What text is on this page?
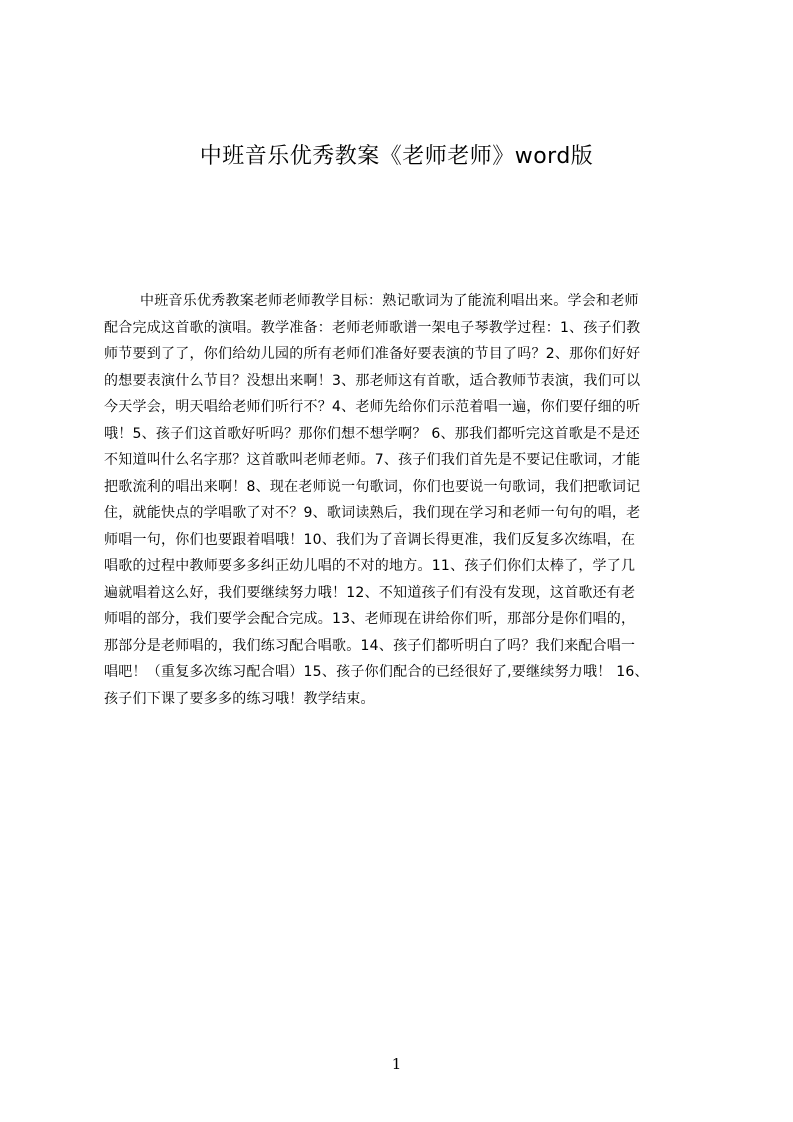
中班音乐优秀教案《老师老师》word版
中班音乐优秀教案老师老师教学目标：熟记歌词为了能流利唱出来。学会和老师
配合完成这首歌的演唱。教学准备：老师老师歌谱一架电子琴教学过程：1、孩子们教
师节要到了了，你们给幼儿园的所有老师们准备好要表演的节目了吗？2、那你们好好
的想要表演什么节目？没想出来啊！3、那老师这有首歌，适合教师节表演，我们可以
今天学会，明天唱给老师们听行不？4、老师先给你们示范着唱一遍，你们要仔细的听
哦！5、孩子们这首歌好听吗？那你们想不想学啊？ 6、那我们都听完这首歌是不是还
不知道叫什么名字那？这首歌叫老师老师。7、孩子们我们首先是不要记住歌词，才能
把歌流利的唱出来啊！8、现在老师说一句歌词，你们也要说一句歌词，我们把歌词记
住，就能快点的学唱歌了对不？9、歌词读熟后，我们现在学习和老师一句句的唱，老
师唱一句，你们也要跟着唱哦！10、我们为了音调长得更准，我们反复多次练唱，在
唱歌的过程中教师要多多纠正幼儿唱的不对的地方。11、孩子们你们太棒了，学了几
遍就唱着这么好，我们要继续努力哦！12、不知道孩子们有没有发现，这首歌还有老
师唱的部分，我们要学会配合完成。13、老师现在讲给你们听，那部分是你们唱的，
那部分是老师唱的，我们练习配合唱歌。14、孩子们都听明白了吗？我们来配合唱一
唱吧！（重复多次练习配合唱）15、孩子你们配合的已经很好了,要继续努力哦！ 16、
孩子们下课了要多多的练习哦！教学结束。
1
